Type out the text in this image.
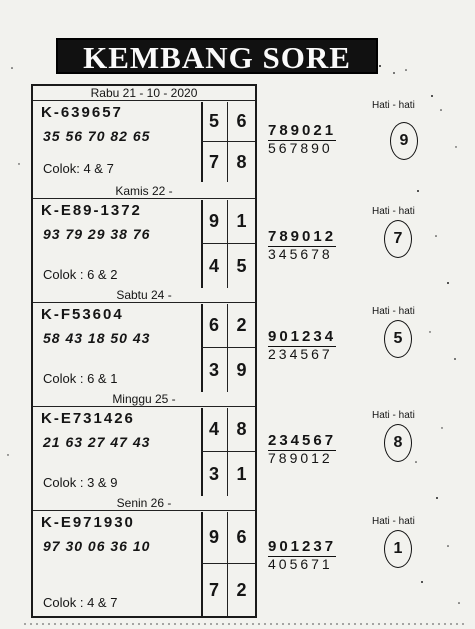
KEMBANG SORE
Rabu 21 - 10 - 2020
K-639657
35 56 70 82 65
Colok: 4 & 7
5 6
7 8
Kamis 22 -
K-E89-1372
93 79 29 38 76
Colok : 6 & 2
9 1
4 5
Sabtu 24 -
K-F53604
58 43 18 50 43
Colok : 6 & 1
6 2
3 9
Minggu 25 -
K-E731426
21 63 27 47 43
Colok : 3 & 9
4 8
3 1
Senin 26 -
K-E971930
97 30 06 36 10
Colok : 4 & 7
9 6
7 2
Hati - hati
789021
567890	9
Hati - hati
789012
345678
7
Hati - hati
901234
234567
5
Hati - hati
234567
789012
8
Hati - hati
901237
405671
1
